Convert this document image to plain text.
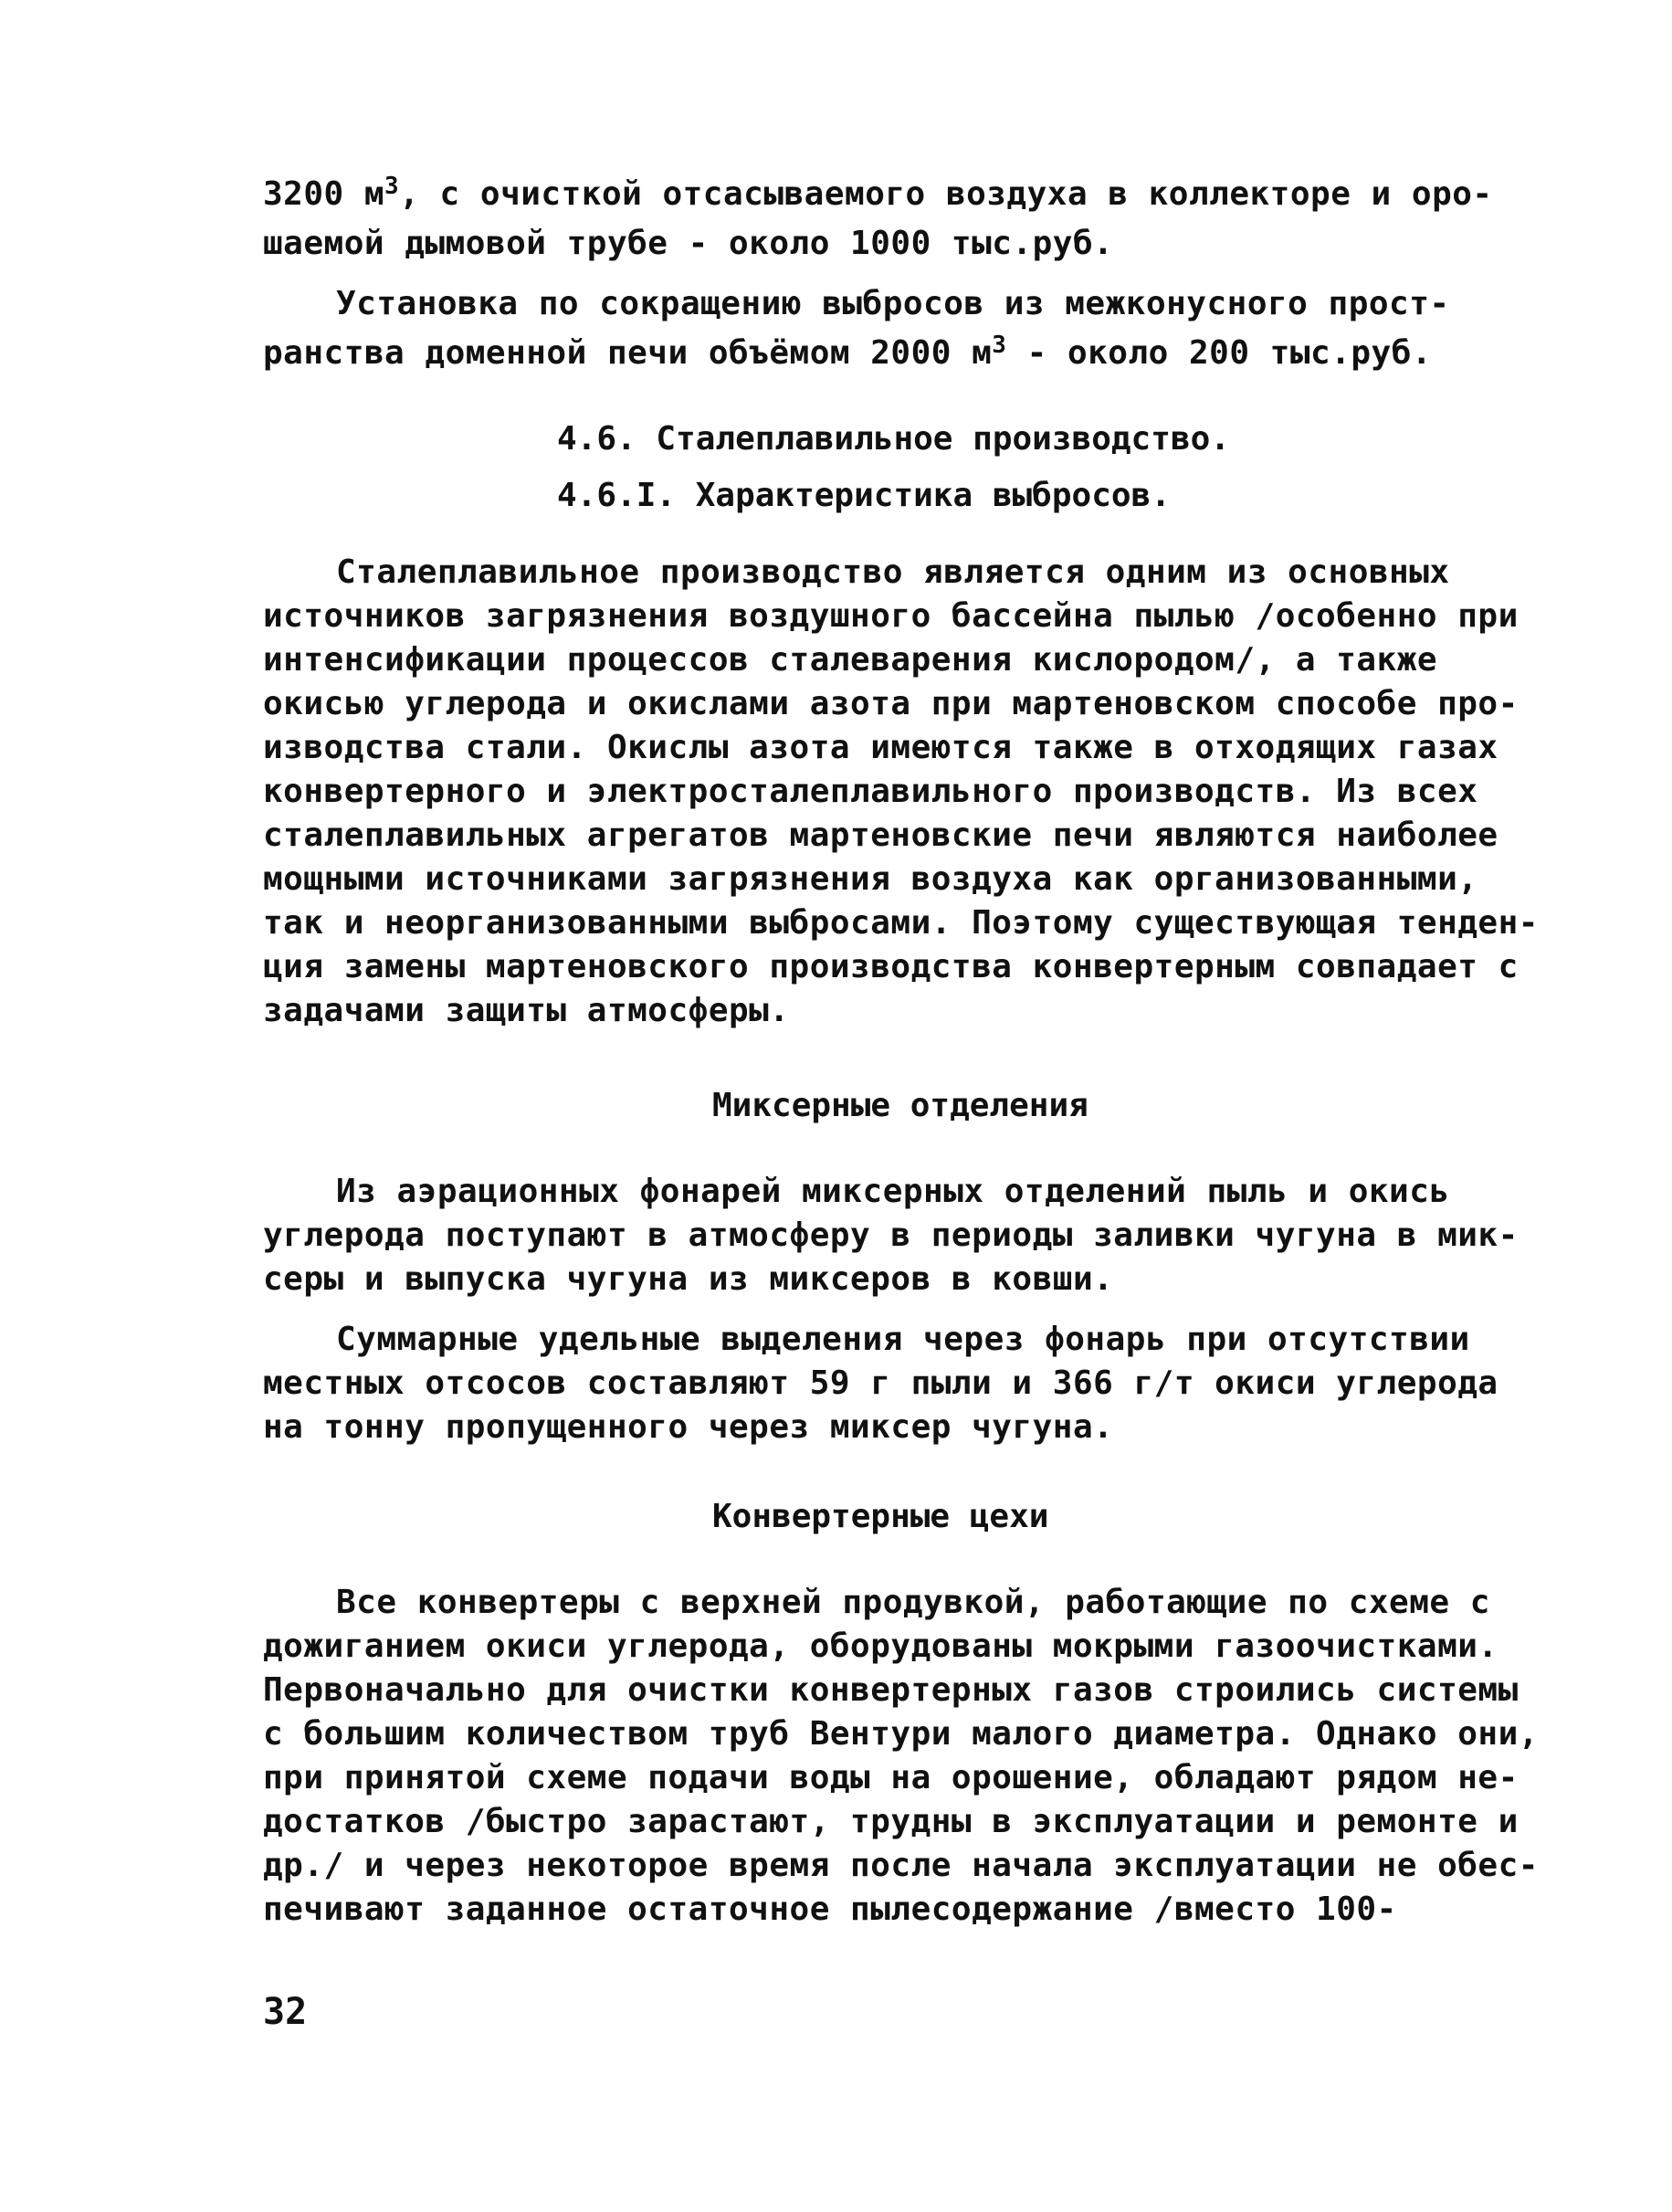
3200 $м^3$, с очисткой отсасываемого воздуха в коллекторе и оро-
шаемой дымовой трубе - около 1000 тыс.руб.
Установка по сокращению выбросов из межконусного прост-
ранства доменной печи объёмом 2000 $м^3$ - около 200 тыс.руб.
4.6. Сталеплавильное производство.
4.6.I. Характеристика выбросов.
Сталеплавильное производство является одним из основных
источников загрязнения воздушного бассейна пылью /особенно при
интенсификации процессов сталеварения кислородом/, а также
окисью углерода и окислами азота при мартеновском способе про-
изводства стали. Окислы азота имеются также в отходящих газах
конвертерного и электросталеплавильного производств. Из всех
сталеплавильных агрегатов мартеновские печи являются наиболее
мощными источниками загрязнения воздуха как организованными,
так и неорганизованными выбросами. Поэтому существующая тенден-
ция замены мартеновского производства конвертерным совпадает с
задачами защиты атмосферы.
Миксерные отделения
Из аэрационных фонарей миксерных отделений пыль и окись
углерода поступают в атмосферу в периоды заливки чугуна в мик-
серы и выпуска чугуна из миксеров в ковши.
Суммарные удельные выделения через фонарь при отсутствии
местных отсосов составляют 59 г пыли и 366 г/т окиси углерода
на тонну пропущенного через миксер чугуна.
Конвертерные цехи
Все конвертеры с верхней продувкой, работающие по схеме с
дожиганием окиси углерода, оборудованы мокрыми газоочистками.
Первоначально для очистки конвертерных газов строились системы
с большим количеством труб Вентури малого диаметра. Однако они,
при принятой схеме подачи воды на орошение, обладают рядом не-
достатков /быстро зарастают, трудны в эксплуатации и ремонте и
др./ и через некоторое время после начала эксплуатации не обес-
печивают заданное остаточное пылесодержание /вместо 100-
32
